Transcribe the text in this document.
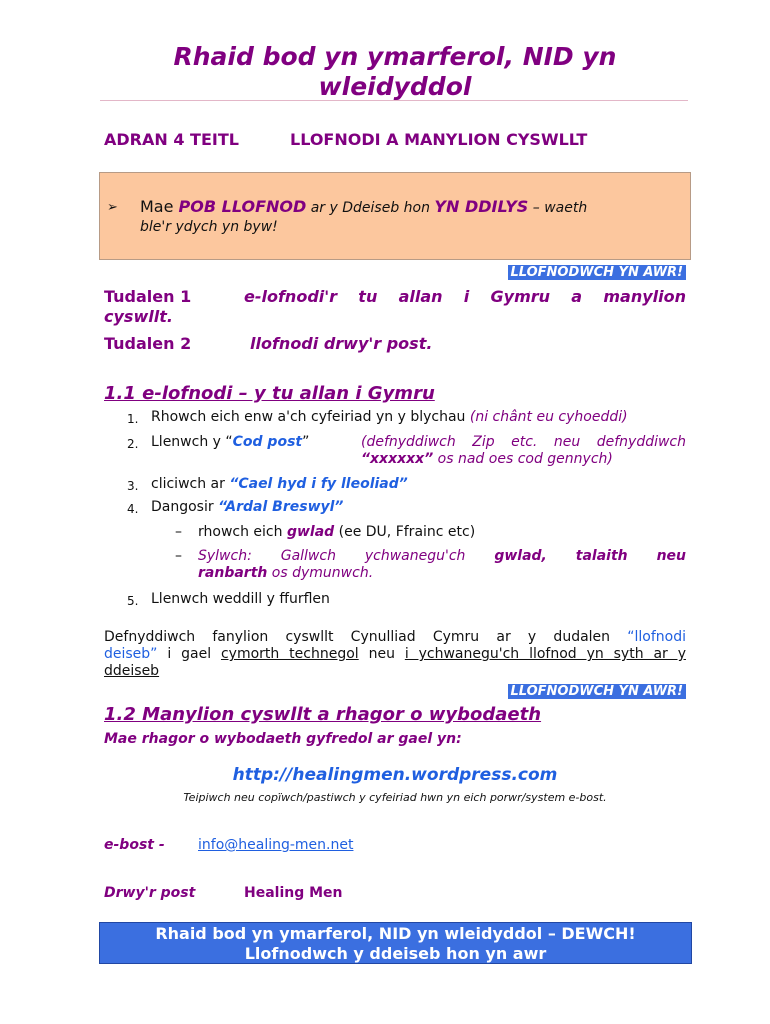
Rhaid bod yn ymarferol, NID yn wleidyddol
ADRAN 4 TEITL	LLOFNODI A MANYLION CYSWLLT
➢ Mae POB LLOFNOD ar y Ddeiseb hon YN DDILYS – waeth
ble'r ydych yn byw!
LLOFNODWCH YN AWR!
Tudalen 1	e-lofnodi'r tu allan i Gymru a manylion
cyswllt.
Tudalen 2	llofnodi drwy'r post.
1.1 e-lofnodi – y tu allan i Gymru
1. Rhowch eich enw a'ch cyfeiriad yn y blychau (ni chânt eu cyhoeddi)
2. Llenwch y “Cod post”	(defnyddiwch Zip etc. neu defnyddiwch
“xxxxxx” os nad oes cod gennych)
3. cliciwch ar “Cael hyd i fy lleoliad”
4. Dangosir “Ardal Breswyl”
– rhowch eich gwlad (ee DU, Ffrainc etc)
– Sylwch: Gallwch ychwanegu'ch gwlad, talaith neu
ranbarth os dymunwch.
5. Llenwch weddill y ffurflen
Defnyddiwch fanylion cyswllt Cynulliad Cymru ar y dudalen “llofnodi
deiseb” i gael cymorth technegol neu i ychwanegu'ch llofnod yn syth ar y
ddeiseb
LLOFNODWCH YN AWR!
1.2 Manylion cyswllt a rhagor o wybodaeth
Mae rhagor o wybodaeth gyfredol ar gael yn:
http://healingmen.wordpress.com
Teipiwch neu copïwch/pastiwch y cyfeiriad hwn yn eich porwr/system e-bost.
e-bost - info@healing-men.net
Drwy'r post	Healing Men
Rhaid bod yn ymarferol, NID yn wleidyddol – DEWCH!
Llofnodwch y ddeiseb hon yn awr
